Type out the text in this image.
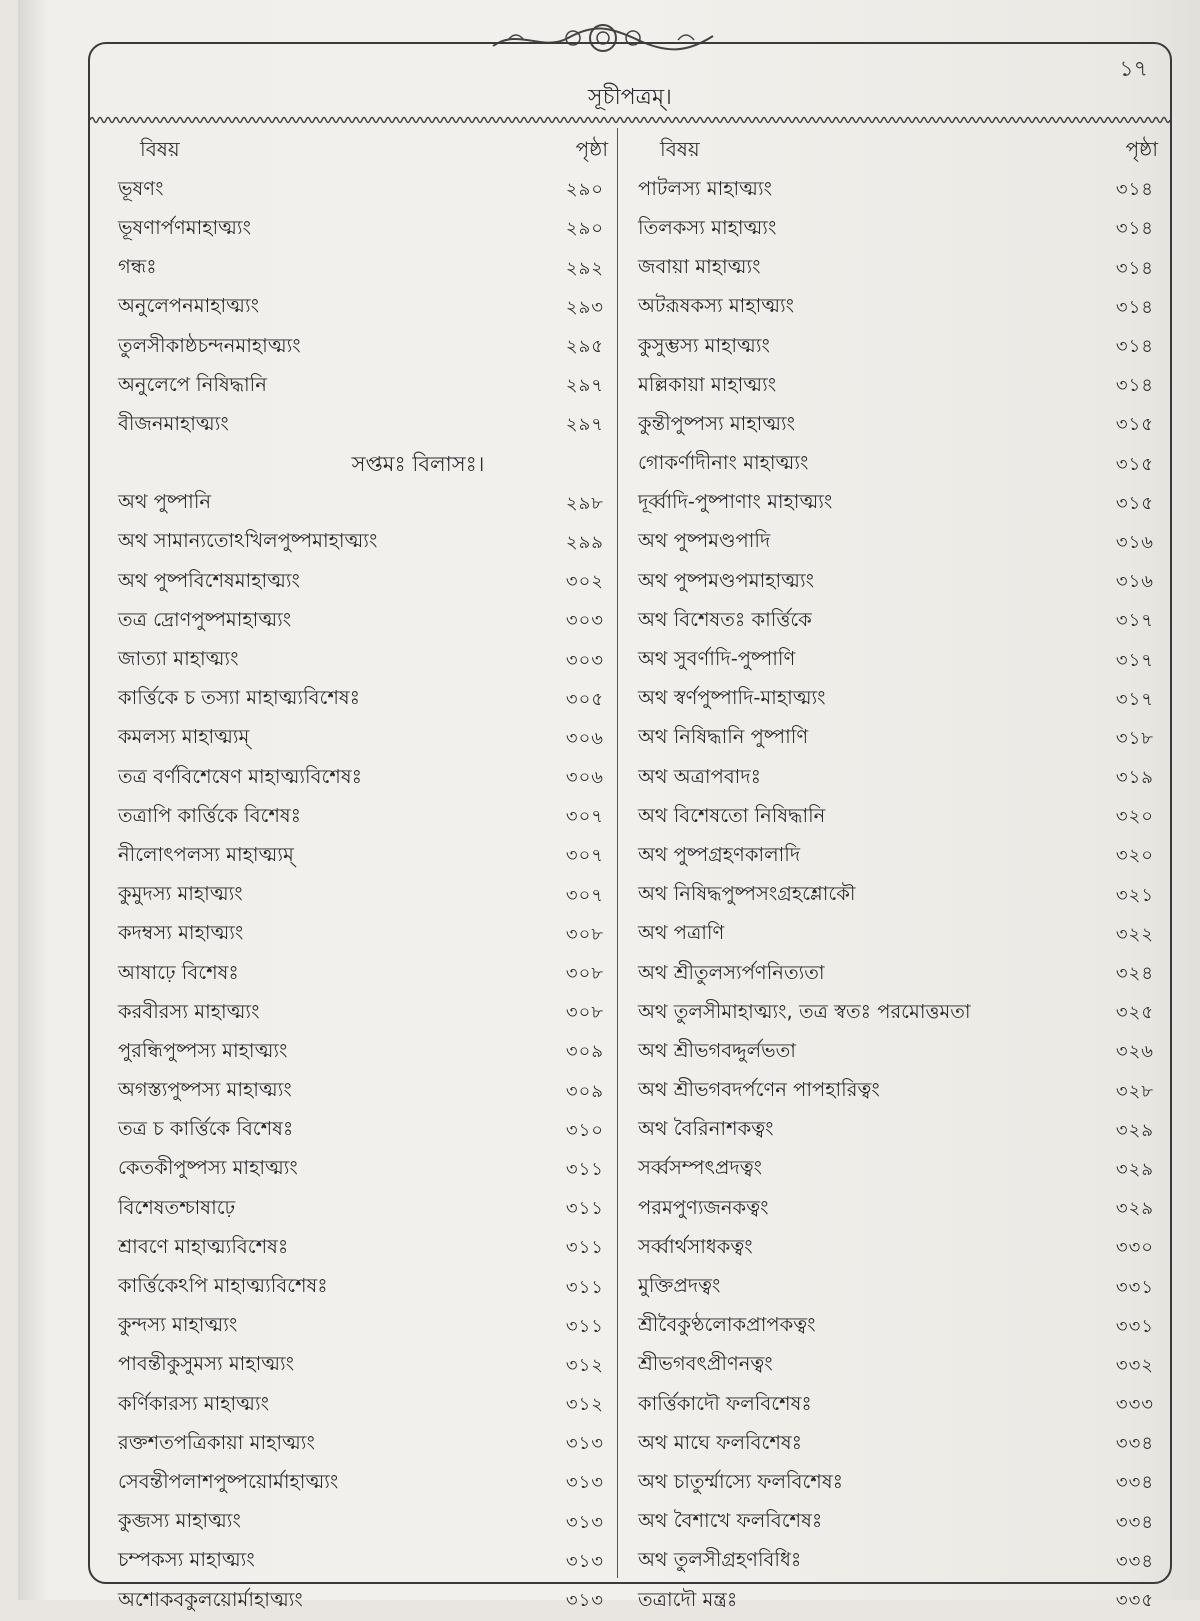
১৭
সূচীপত্রম্।
বিষয়	পৃষ্ঠা
ভূষণং	২৯০
ভূষণার্পণমাহাত্ম্যং	২৯০
গন্ধঃ	২৯২
অনুলেপনমাহাত্ম্যং	২৯৩
তুলসীকাষ্ঠচন্দনমাহাত্ম্যং	২৯৫
অনুলেপে নিষিদ্ধানি	২৯৭
বীজনমাহাত্ম্যং	২৯৭
সপ্তমঃ বিলাসঃ।
অথ পুষ্পানি	২৯৮
অথ সামান্যতোঽখিলপুষ্পমাহাত্ম্যং	২৯৯
অথ পুষ্পবিশেষমাহাত্ম্যং	৩০২
তত্র দ্রোণপুষ্পমাহাত্ম্যং	৩০৩
জাত্যা মাহাত্ম্যং	৩০৩
কার্ত্তিকে চ তস্যা মাহাত্ম্যবিশেষঃ	৩০৫
কমলস্য মাহাত্ম্যম্	৩০৬
তত্র বর্ণবিশেষেণ মাহাত্ম্যবিশেষঃ	৩০৬
তত্রাপি কার্ত্তিকে বিশেষঃ	৩০৭
নীলোৎপলস্য মাহাত্ম্যম্	৩০৭
কুমুদস্য মাহাত্ম্যং	৩০৭
কদম্বস্য মাহাত্ম্যং	৩০৮
আষাঢ়ে বিশেষঃ	৩০৮
করবীরস্য মাহাত্ম্যং	৩০৮
পুরন্ধিপুষ্পস্য মাহাত্ম্যং	৩০৯
অগস্ত্যপুষ্পস্য মাহাত্ম্যং	৩০৯
তত্র চ কার্ত্তিকে বিশেষঃ	৩১০
কেতকীপুষ্পস্য মাহাত্ম্যং	৩১১
বিশেষতশ্চাষাঢ়ে	৩১১
শ্রাবণে মাহাত্ম্যবিশেষঃ	৩১১
কার্ত্তিকেঽপি মাহাত্ম্যবিশেষঃ	৩১১
কুন্দস্য মাহাত্ম্যং	৩১১
পাবন্তীকুসুমস্য মাহাত্ম্যং	৩১২
কর্ণিকারস্য মাহাত্ম্যং	৩১২
রক্তশতপত্রিকায়া মাহাত্ম্যং	৩১৩
সেবন্তীপলাশপুষ্পয়োর্মাহাত্ম্যং	৩১৩
কুব্জস্য মাহাত্ম্যং	৩১৩
চম্পকস্য মাহাত্ম্যং	৩১৩
অশোকবকুলয়োর্মাহাত্ম্যং	৩১৩
বিষয়	পৃষ্ঠা
পাটলস্য মাহাত্ম্যং	৩১৪
তিলকস্য মাহাত্ম্যং	৩১৪
জবায়া মাহাত্ম্যং	৩১৪
অটরূষকস্য মাহাত্ম্যং	৩১৪
কুসুম্ভস্য মাহাত্ম্যং	৩১৪
মল্লিকায়া মাহাত্ম্যং	৩১৪
কুন্তীপুষ্পস্য মাহাত্ম্যং	৩১৫
গোকর্ণাদীনাং মাহাত্ম্যং	৩১৫
দূর্ব্বাদি-পুষ্পাণাং মাহাত্ম্যং	৩১৫
অথ পুষ্পমণ্ডপাদি	৩১৬
অথ পুষ্পমণ্ডপমাহাত্ম্যং	৩১৬
অথ বিশেষতঃ কার্ত্তিকে	৩১৭
অথ সুবর্ণাদি-পুষ্পাণি	৩১৭
অথ স্বর্ণপুষ্পাদি-মাহাত্ম্যং	৩১৭
অথ নিষিদ্ধানি পুষ্পাণি	৩১৮
অথ অত্রাপবাদঃ	৩১৯
অথ বিশেষতো নিষিদ্ধানি	৩২০
অথ পুষ্পগ্রহণকালাদি	৩২০
অথ নিষিদ্ধপুষ্পসংগ্রহশ্লোকৌ	৩২১
অথ পত্রাণি	৩২২
অথ শ্রীতুলস্যর্পণনিত্যতা	৩২৪
অথ তুলসীমাহাত্ম্যং, তত্র স্বতঃ পরমোত্তমতা	৩২৫
অথ শ্রীভগবদ্দুর্লভতা	৩২৬
অথ শ্রীভগবদর্পণেন পাপহারিত্বং	৩২৮
অথ বৈরিনাশকত্বং	৩২৯
সর্ব্বসম্পৎপ্রদত্বং	৩২৯
পরমপুণ্যজনকত্বং	৩২৯
সর্ব্বার্থসাধকত্বং	৩৩০
মুক্তিপ্রদত্বং	৩৩১
শ্রীবৈকুণ্ঠলোকপ্রাপকত্বং	৩৩১
শ্রীভগবৎপ্রীণনত্বং	৩৩২
কার্ত্তিকাদৌ ফলবিশেষঃ	৩৩৩
অথ মাঘে ফলবিশেষঃ	৩৩৪
অথ চাতুর্ম্মাস্যে ফলবিশেষঃ	৩৩৪
অথ বৈশাখে ফলবিশেষঃ	৩৩৪
অথ তুলসীগ্রহণবিধিঃ	৩৩৪
তত্রাদৌ মন্ত্রঃ	৩৩৫
